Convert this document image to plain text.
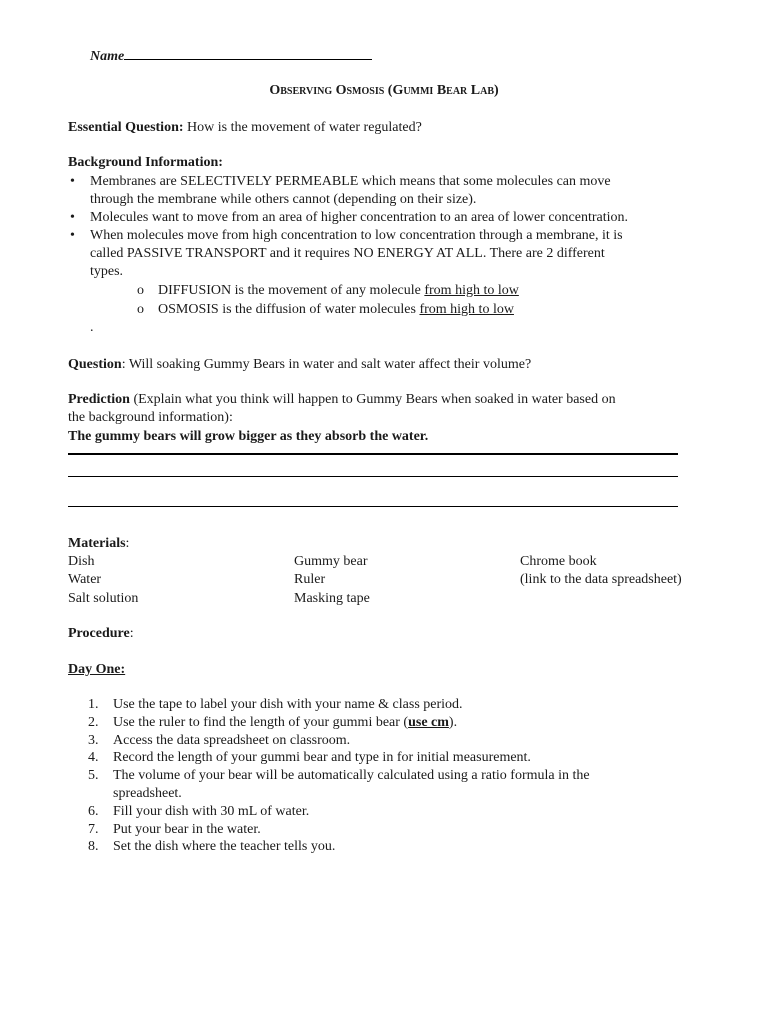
Name
Observing Osmosis (Gummi Bear Lab)
Essential Question: How is the movement of water regulated?
Background Information:
• Membranes are SELECTIVELY PERMEABLE which means that some molecules can move
through the membrane while others cannot (depending on their size).
• Molecules want to move from an area of higher concentration to an area of lower concentration.
• When molecules move from high concentration to low concentration through a membrane, it is
called PASSIVE TRANSPORT and it requires NO ENERGY AT ALL. There are 2 different
types.
o DIFFUSION is the movement of any molecule from high to low
o OSMOSIS is the diffusion of water molecules from high to low
.
Question: Will soaking Gummy Bears in water and salt water affect their volume?
Prediction (Explain what you think will happen to Gummy Bears when soaked in water based on
the background information):
The gummy bears will grow bigger as they absorb the water.
Materials:
Dish
Water
Salt solution
Gummy bear
Ruler
Masking tape
Chrome book
(link to the data spreadsheet)
Procedure:
Day One:
1. Use the tape to label your dish with your name & class period.
2. Use the ruler to find the length of your gummi bear (use cm).
3. Access the data spreadsheet on classroom.
4. Record the length of your gummi bear and type in for initial measurement.
5. The volume of your bear will be automatically calculated using a ratio formula in the
spreadsheet.
6. Fill your dish with 30 mL of water.
7. Put your bear in the water.
8. Set the dish where the teacher tells you.
